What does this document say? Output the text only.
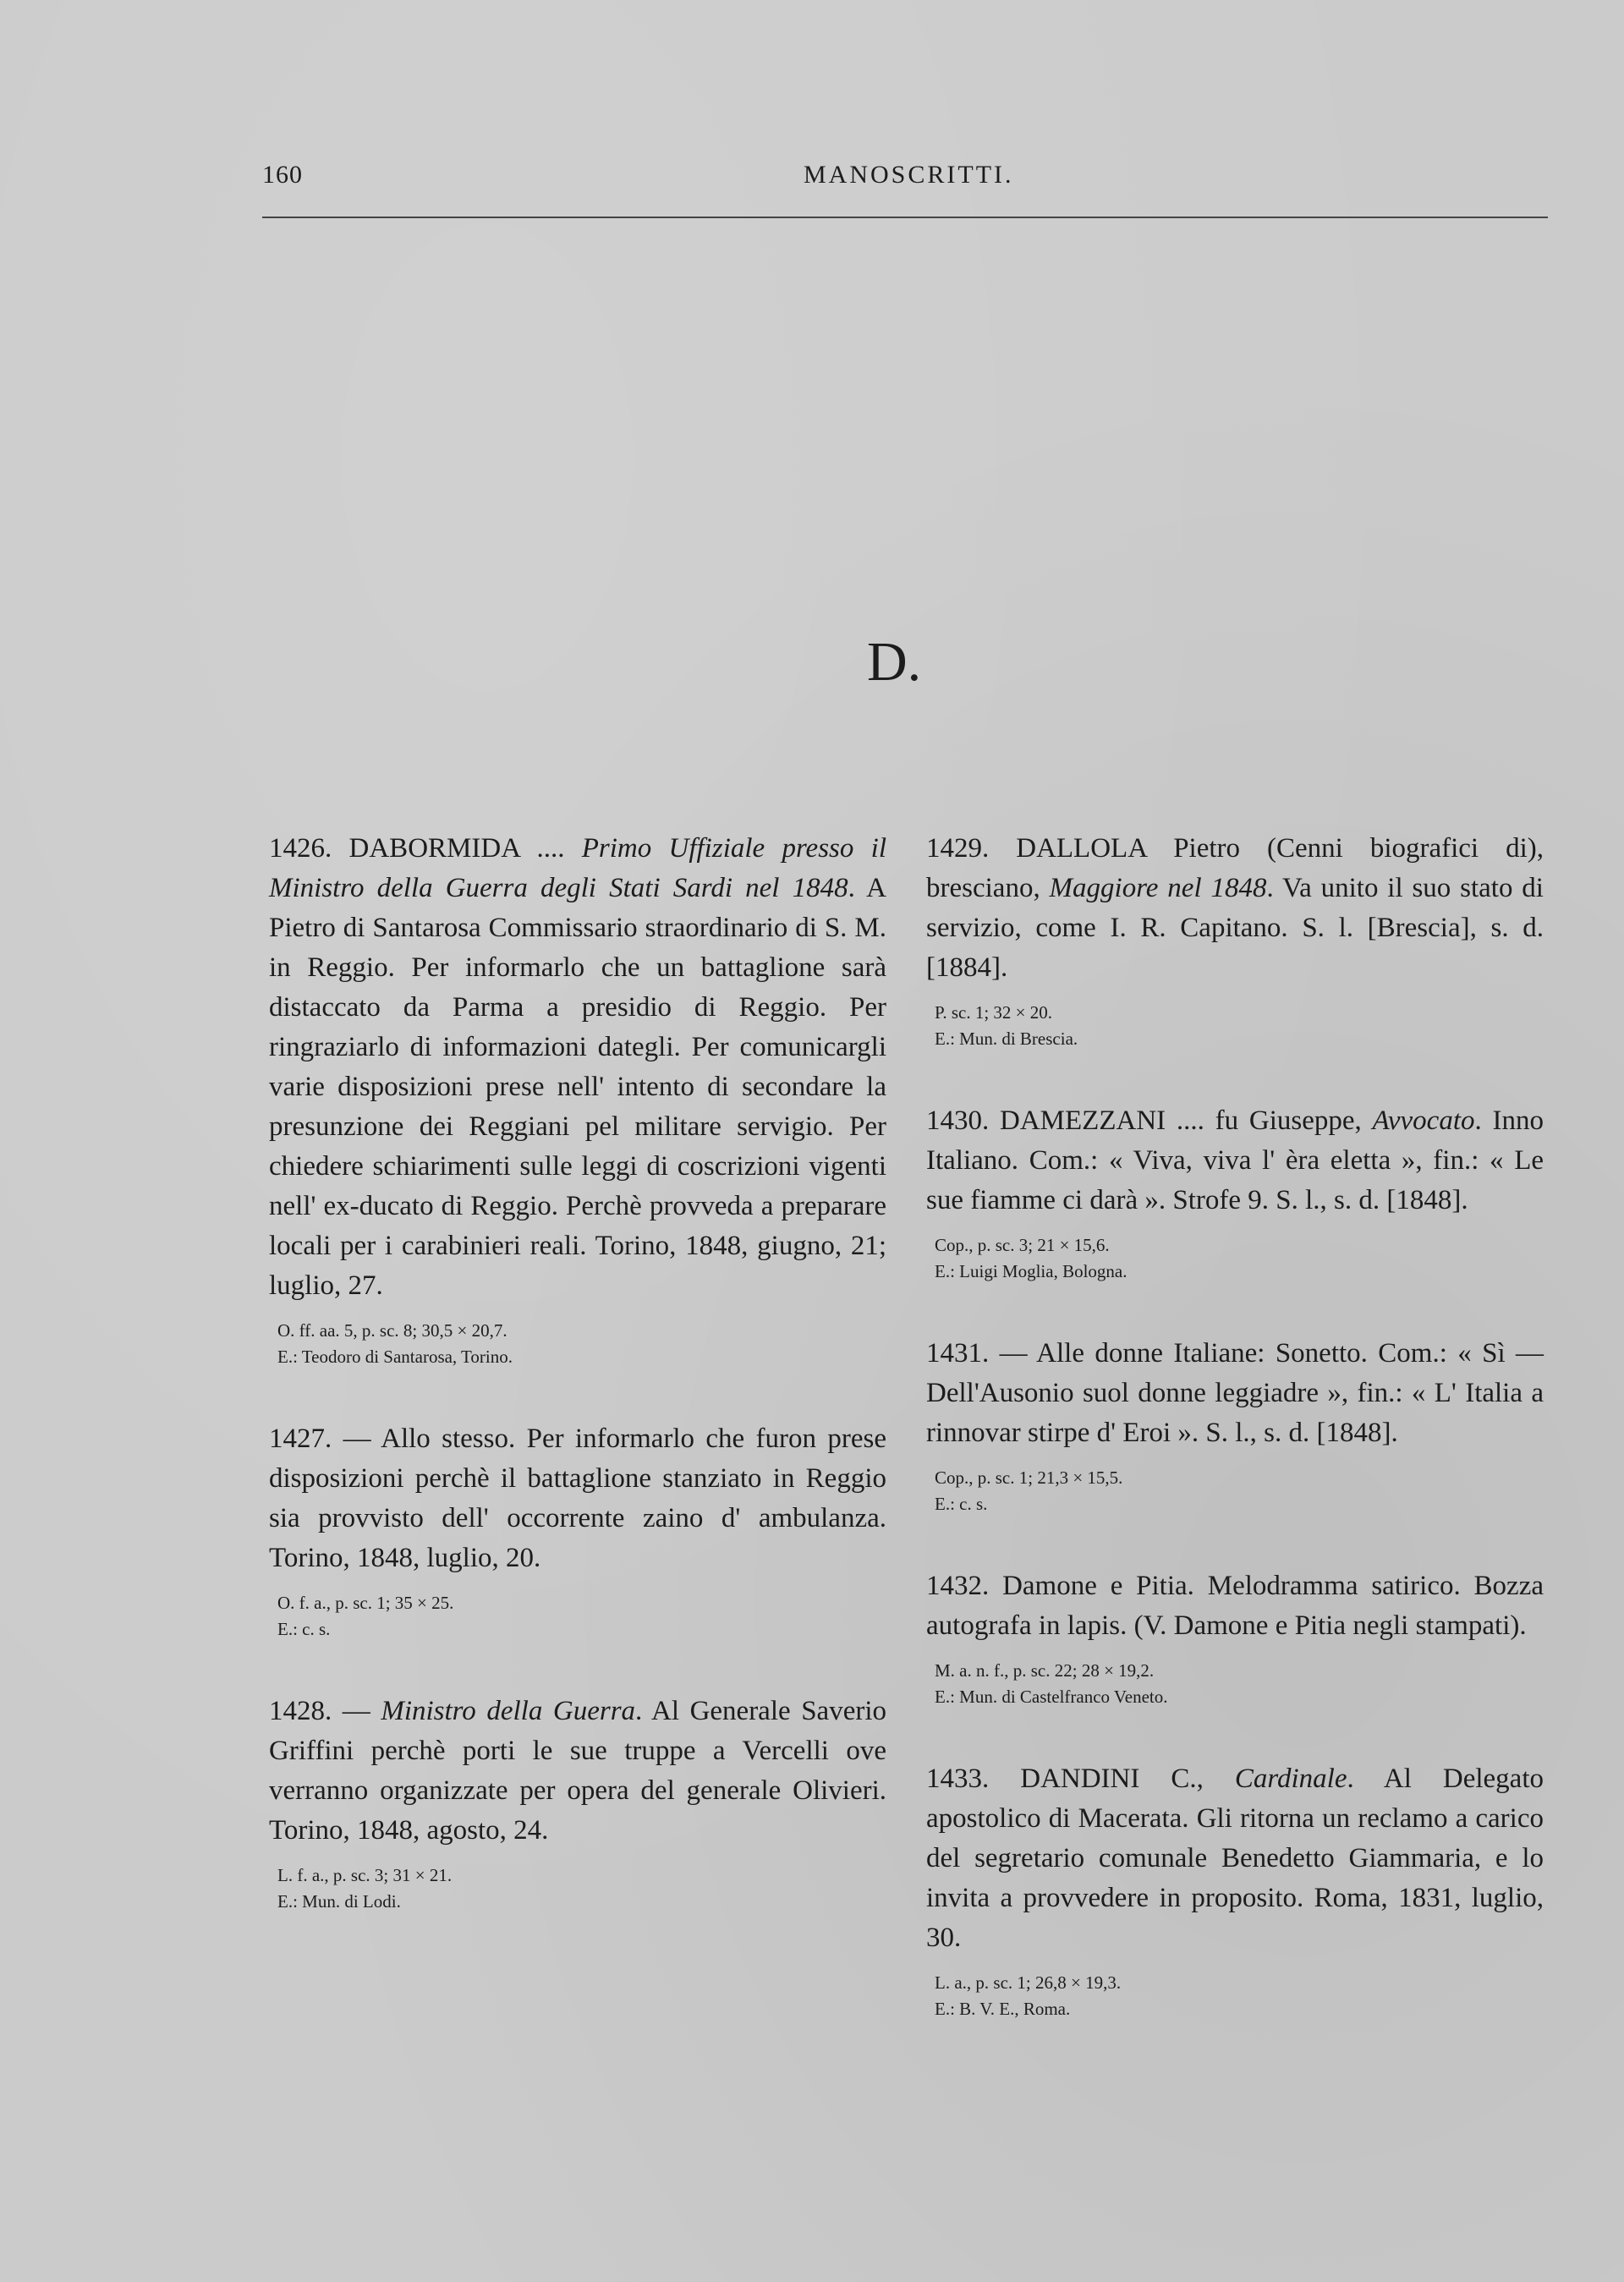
160	MANOSCRITTI.
D.

1426. DABORMIDA .... Primo Uffiziale presso il Ministro della Guerra degli Stati Sardi nel 1848. A Pietro di Santarosa Commissario straordinario di S. M. in Reggio. Per informarlo che un battaglione sarà distaccato da Parma a presidio di Reggio. Per ringraziarlo di informazioni dategli. Per comunicargli varie disposizioni prese nell' intento di secondare la presunzione dei Reggiani pel militare servigio. Per chiedere schiarimenti sulle leggi di coscrizioni vigenti nell' ex-ducato di Reggio. Perchè provveda a preparare locali per i carabinieri reali. Torino, 1848, giugno, 21; luglio, 27.

O. ff. aa. 5, p. sc. 8; 30,5 × 20,7.
E.: Teodoro di Santarosa, Torino.

1427. — Allo stesso. Per informarlo che furon prese disposizioni perchè il battaglione stanziato in Reggio sia provvisto dell' occorrente zaino d' ambulanza. Torino, 1848, luglio, 20.

O. f. a., p. sc. 1; 35 × 25.
E.: c. s.

1428. — Ministro della Guerra. Al Generale Saverio Griffini perchè porti le sue truppe a Vercelli ove verranno organizzate per opera del generale Olivieri. Torino, 1848, agosto, 24.

L. f. a., p. sc. 3; 31 × 21.
E.: Mun. di Lodi.

1429. DALLOLA Pietro (Cenni biografici di), bresciano, Maggiore nel 1848. Va unito il suo stato di servizio, come I. R. Capitano. S. l. [Brescia], s. d. [1884].

P. sc. 1; 32 × 20.
E.: Mun. di Brescia.

1430. DAMEZZANI .... fu Giuseppe, Avvocato. Inno Italiano. Com.: « Viva, viva l' èra eletta », fin.: « Le sue fiamme ci darà ». Strofe 9. S. l., s. d. [1848].

Cop., p. sc. 3; 21 × 15,6.
E.: Luigi Moglia, Bologna.

1431. — Alle donne Italiane: Sonetto. Com.: « Sì — Dell'Ausonio suol donne leggiadre », fin.: « L' Italia a rinnovar stirpe d' Eroi ». S. l., s. d. [1848].

Cop., p. sc. 1; 21,3 × 15,5.
E.: c. s.

1432. Damone e Pitia. Melodramma satirico. Bozza autografa in lapis. (V. Damone e Pitia negli stampati).

M. a. n. f., p. sc. 22; 28 × 19,2.
E.: Mun. di Castelfranco Veneto.

1433. DANDINI C., Cardinale. Al Delegato apostolico di Macerata. Gli ritorna un reclamo a carico del segretario comunale Benedetto Giammaria, e lo invita a provvedere in proposito. Roma, 1831, luglio, 30.

L. a., p. sc. 1; 26,8 × 19,3.
E.: B. V. E., Roma.
